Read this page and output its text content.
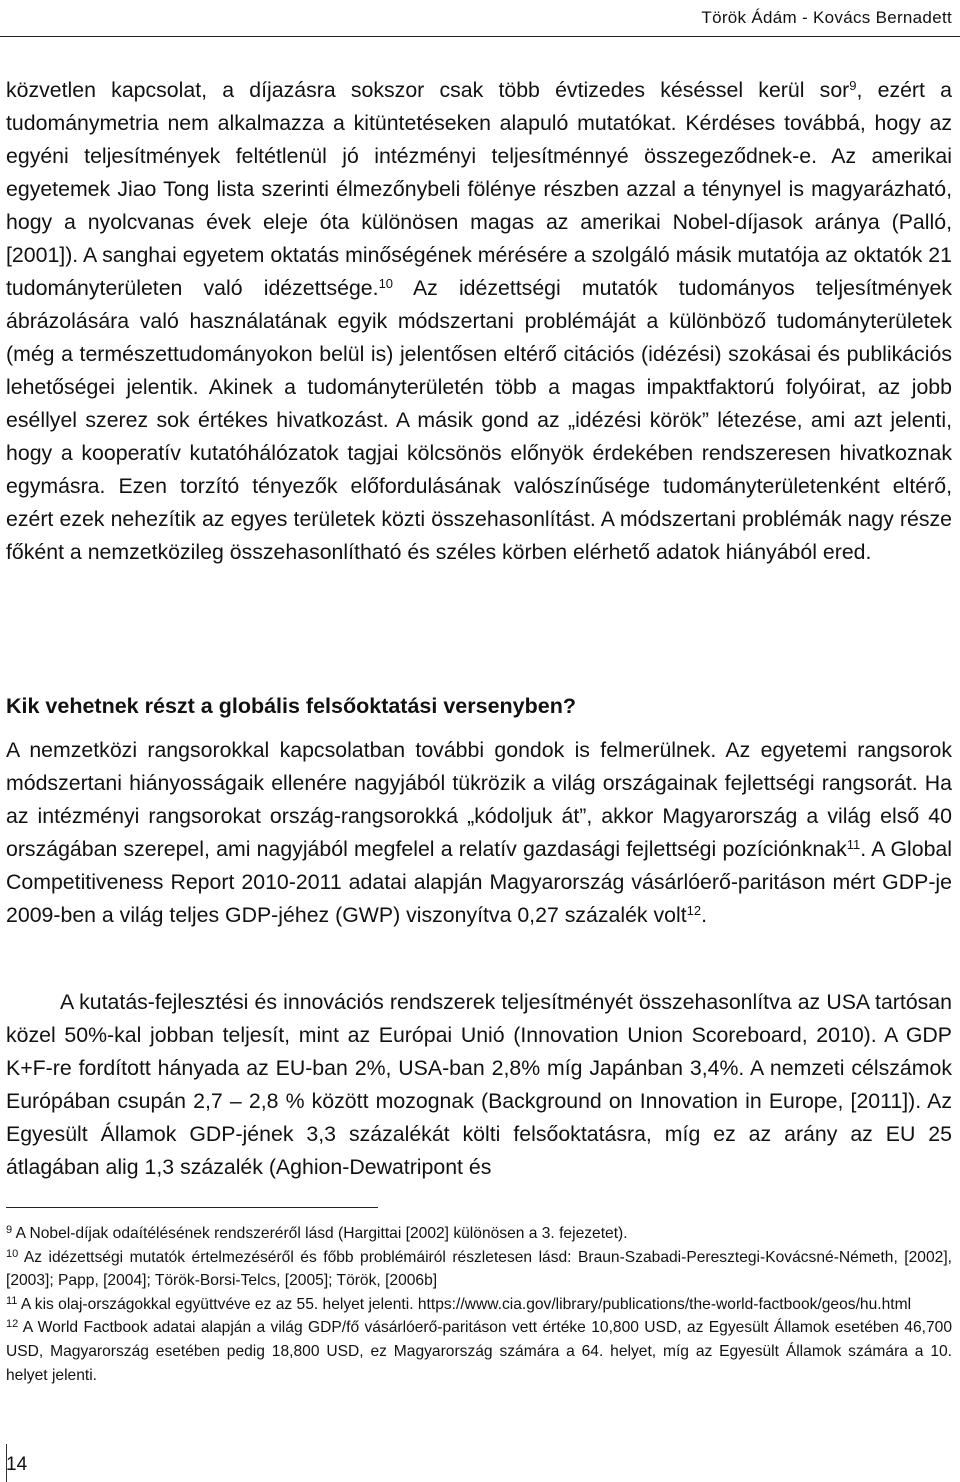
Török Ádám - Kovács Bernadett

közvetlen kapcsolat, a díjazásra sokszor csak több évtizedes késéssel kerül sor$^9$, ezért a tudománymetria nem alkalmazza a kitüntetéseken alapuló mutatókat. Kérdéses továbbá, hogy az egyéni teljesítmények feltétlenül jó intézményi teljesítménnyé összegeződnek-e. Az amerikai egyetemek Jiao Tong lista szerinti élmezőnybeli fölénye részben azzal a ténynyel is magyarázható, hogy a nyolcvanas évek eleje óta különösen magas az amerikai Nobel-díjasok aránya (Palló, [2001]). A sanghai egyetem oktatás minőségének mérésére a szolgáló másik mutatója az oktatók 21 tudományterületen való idézettsége.$^{10}$ Az idézettségi mutatók tudományos teljesítmények ábrázolására való használatának egyik módszertani problémáját a különböző tudományterületek (még a természettudományokon belül is) jelentősen eltérő citációs (idézési) szokásai és publikációs lehetőségei jelentik. Akinek a tudományterületén több a magas impaktfaktorú folyóirat, az jobb eséllyel szerez sok értékes hivatkozást. A másik gond az „idézési körök” létezése, ami azt jelenti, hogy a kooperatív kutatóhálózatok tagjai kölcsönös előnyök érdekében rendszeresen hivatkoznak egymásra. Ezen torzító tényezők előfordulásának valószínűsége tudományterületenként eltérő, ezért ezek nehezítik az egyes területek közti összehasonlítást. A módszertani problémák nagy része főként a nemzetközileg összehasonlítható és széles körben elérhető adatok hiányából ered.

Kik vehetnek részt a globális felsőoktatási versenyben?

A nemzetközi rangsorokkal kapcsolatban további gondok is felmerülnek. Az egyetemi rangsorok módszertani hiányosságaik ellenére nagyjából tükrözik a világ országainak fejlettségi rangsorát. Ha az intézményi rangsorokat ország-rangsorokká „kódoljuk át”, akkor Magyarország a világ első 40 országában szerepel, ami nagyjából megfelel a relatív gazdasági fejlettségi pozíciónknak$^{11}$. A Global Competitiveness Report 2010-2011 adatai alapján Magyarország vásárlóerő-paritáson mért GDP-je 2009-ben a világ teljes GDP-jéhez (GWP) viszonyítva 0,27 százalék volt$^{12}$.

A kutatás-fejlesztési és innovációs rendszerek teljesítményét összehasonlítva az USA tartósan közel 50%-kal jobban teljesít, mint az Európai Unió (Innovation Union Scoreboard, 2010). A GDP K+F-re fordított hányada az EU-ban 2%, USA-ban 2,8% míg Japánban 3,4%. A nemzeti célszámok Európában csupán 2,7 – 2,8 % között mozognak (Background on Innovation in Europe, [2011]). Az Egyesült Államok GDP-jének 3,3 százalékát költi felsőoktatásra, míg ez az arány az EU 25 átlagában alig 1,3 százalék (Aghion-Dewatripont és

$^9$ A Nobel-díjak odaítélésének rendszeréről lásd (Hargittai [2002] különösen a 3. fejezetet).

$^{10}$ Az idézettségi mutatók értelmezéséről és főbb problémáiról részletesen lásd: Braun-Szabadi-Peresztegi-Kovácsné-Németh, [2002], [2003]; Papp, [2004]; Török-Borsi-Telcs, [2005]; Török, [2006b]

$^{11}$ A kis olaj-országokkal együttvéve ez az 55. helyet jelenti. https://www.cia.gov/library/publications/the-world-factbook/geos/hu.html

$^{12}$ A World Factbook adatai alapján a világ GDP/fő vásárlóerő-paritáson vett értéke 10,800 USD, az Egyesült Államok esetében 46,700 USD, Magyarország esetében pedig 18,800 USD, ez Magyarország számára a 64. helyet, míg az Egyesült Államok számára a 10. helyet jelenti.

14
